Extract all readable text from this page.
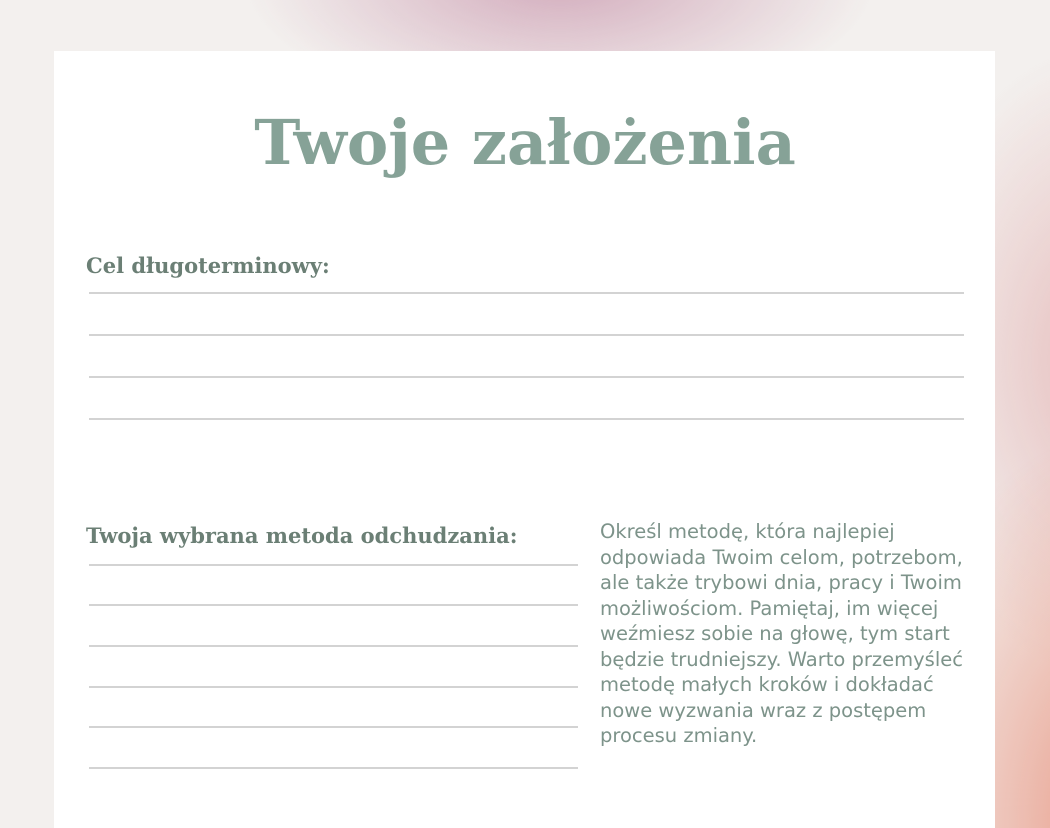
Twoje założenia
Cel długoterminowy:
Twoja wybrana metoda odchudzania:	Określ metodę, która najlepiej odpowiada Twoim celom, potrzebom, ale także trybowi dnia, pracy i Twoim możliwościom. Pamiętaj, im więcej weźmiesz sobie na głowę, tym start będzie trudniejszy. Warto przemyśleć metodę małych kroków i dokładać nowe wyzwania wraz z postępem procesu zmiany.
